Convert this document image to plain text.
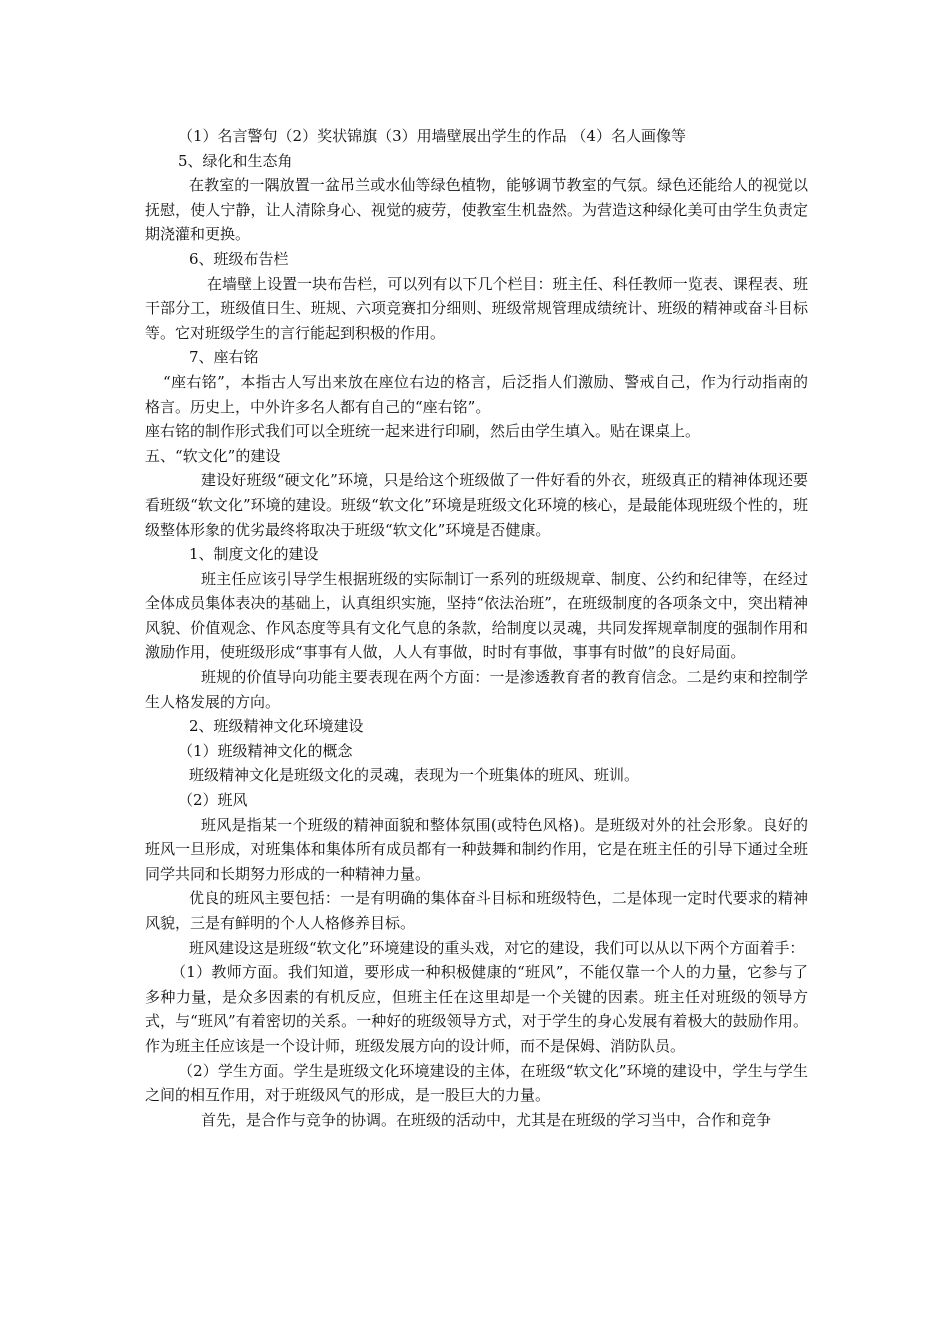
（1）名言警句（2）奖状锦旗（3）用墙壁展出学生的作品 （4）名人画像等

5、绿化和生态角

在教室的一隅放置一盆吊兰或水仙等绿色植物，能够调节教室的气氛。绿色还能给人的视觉以抚慰，使人宁静，让人清除身心、视觉的疲劳，使教室生机盎然。为营造这种绿化美可由学生负责定期浇灌和更换。

6、班级布告栏

在墙壁上设置一块布告栏，可以列有以下几个栏目：班主任、科任教师一览表、课程表、班干部分工，班级值日生、班规、六项竞赛扣分细则、班级常规管理成绩统计、班级的精神或奋斗目标等。它对班级学生的言行能起到积极的作用。

7、座右铭

“座右铭”，本指古人写出来放在座位右边的格言，后泛指人们激励、警戒自己，作为行动指南的格言。历史上，中外许多名人都有自己的“座右铭”。

座右铭的制作形式我们可以全班统一起来进行印刷，然后由学生填入。贴在课桌上。

五、“软文化”的建设

建设好班级“硬文化”环境，只是给这个班级做了一件好看的外衣，班级真正的精神体现还要看班级“软文化”环境的建设。班级“软文化”环境是班级文化环境的核心，是最能体现班级个性的，班级整体形象的优劣最终将取决于班级“软文化”环境是否健康。

1、制度文化的建设

班主任应该引导学生根据班级的实际制订一系列的班级规章、制度、公约和纪律等，在经过全体成员集体表决的基础上，认真组织实施，坚持“依法治班”，在班级制度的各项条文中，突出精神风貌、价值观念、作风态度等具有文化气息的条款，给制度以灵魂，共同发挥规章制度的强制作用和激励作用，使班级形成“事事有人做，人人有事做，时时有事做，事事有时做”的良好局面。

班规的价值导向功能主要表现在两个方面：一是渗透教育者的教育信念。二是约束和控制学生人格发展的方向。

2、班级精神文化环境建设

（1）班级精神文化的概念

班级精神文化是班级文化的灵魂，表现为一个班集体的班风、班训。

（2）班风

班风是指某一个班级的精神面貌和整体氛围(或特色风格)。是班级对外的社会形象。良好的班风一旦形成，对班集体和集体所有成员都有一种鼓舞和制约作用，它是在班主任的引导下通过全班同学共同和长期努力形成的一种精神力量。

优良的班风主要包括：一是有明确的集体奋斗目标和班级特色，二是体现一定时代要求的精神风貌，三是有鲜明的个人人格修养目标。

班风建设这是班级“软文化”环境建设的重头戏，对它的建设，我们可以从以下两个方面着手：

（1）教师方面。我们知道，要形成一种积极健康的“班风”，不能仅靠一个人的力量，它参与了多种力量，是众多因素的有机反应，但班主任在这里却是一个关键的因素。班主任对班级的领导方式，与“班风”有着密切的关系。一种好的班级领导方式，对于学生的身心发展有着极大的鼓励作用。作为班主任应该是一个设计师，班级发展方向的设计师，而不是保姆、消防队员。

（2）学生方面。学生是班级文化环境建设的主体，在班级“软文化”环境的建设中，学生与学生之间的相互作用，对于班级风气的形成，是一股巨大的力量。

首先，是合作与竞争的协调。在班级的活动中，尤其是在班级的学习当中，合作和竞争
